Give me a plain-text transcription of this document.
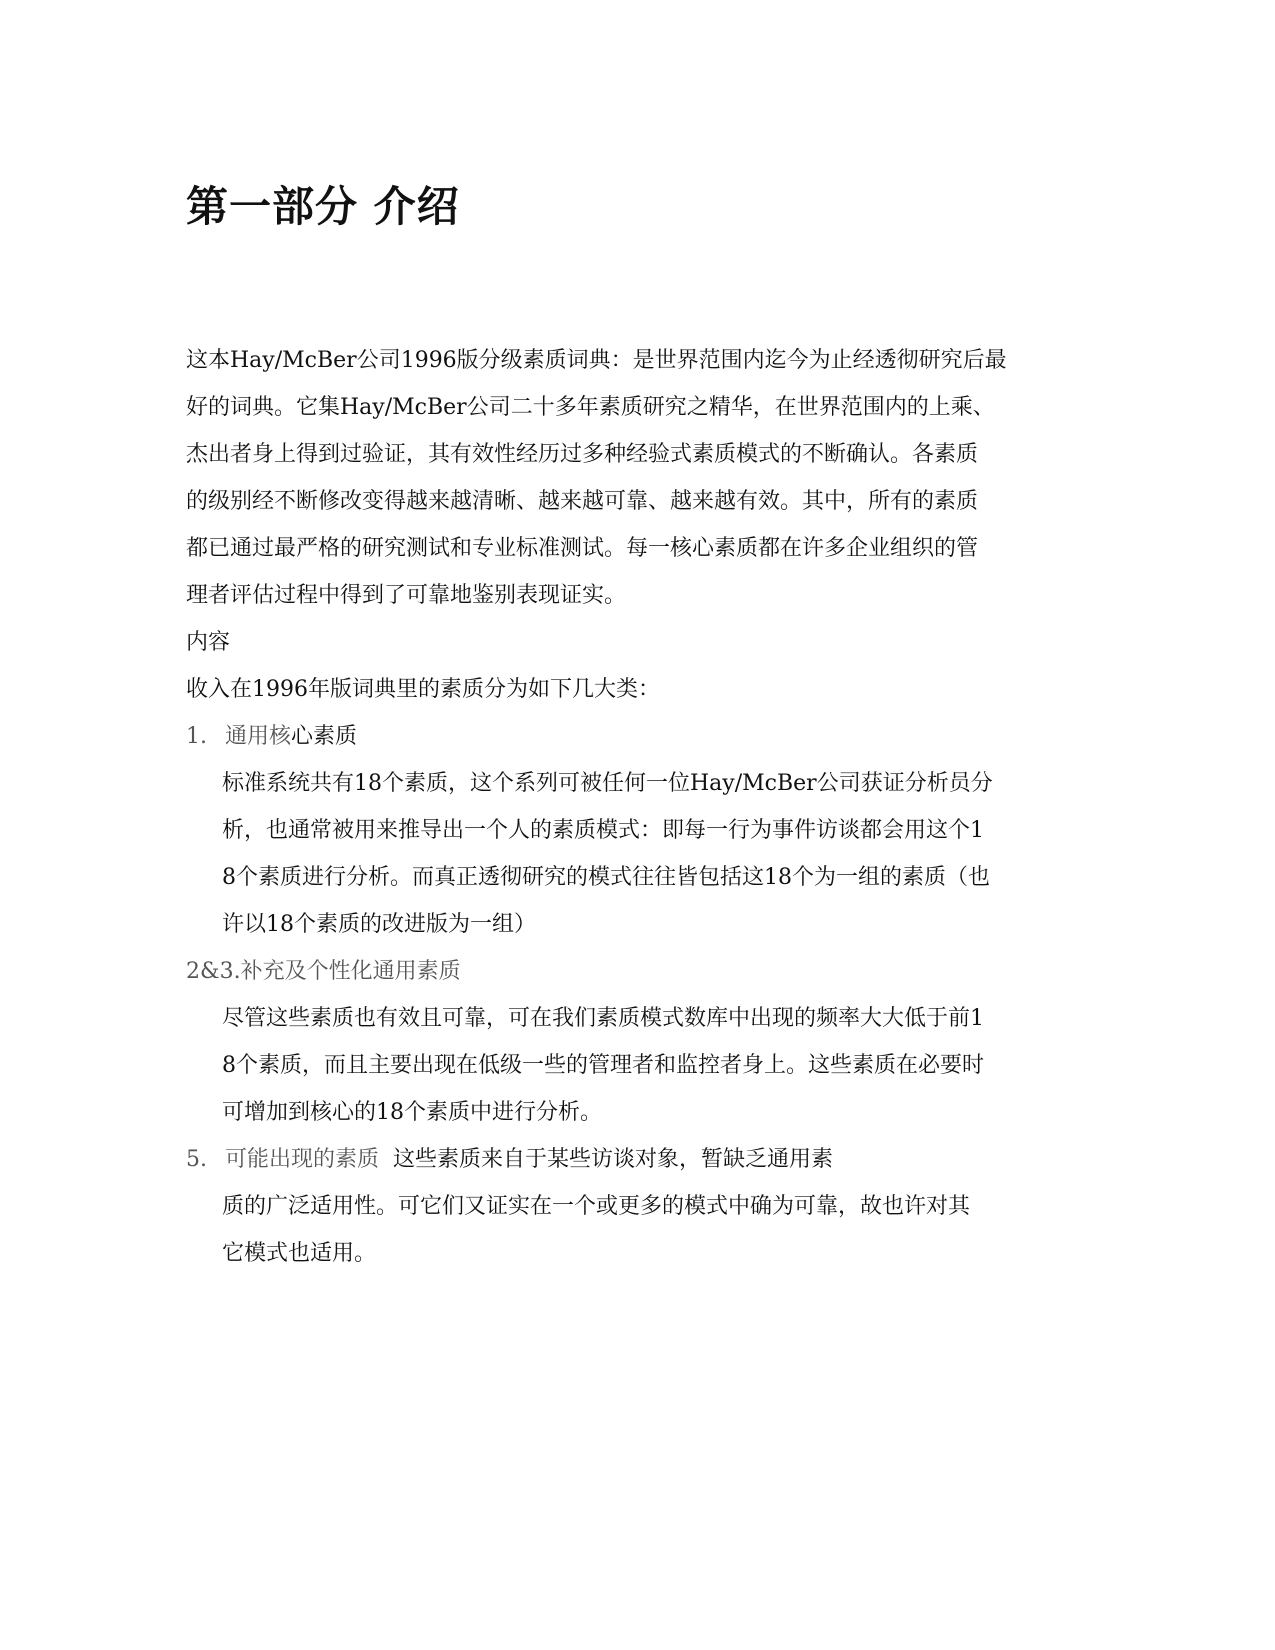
第一部分 介绍

这本Hay/McBer公司1996版分级素质词典：是世界范围内迄今为止经透彻研究后最

好的词典。它集Hay/McBer公司二十多年素质研究之精华，在世界范围内的上乘、

杰出者身上得到过验证，其有效性经历过多种经验式素质模式的不断确认。各素质

的级别经不断修改变得越来越清晰、越来越可靠、越来越有效。其中，所有的素质

都已通过最严格的研究测试和专业标准测试。每一核心素质都在许多企业组织的管

理者评估过程中得到了可靠地鉴别表现证实。

内容

收入在1996年版词典里的素质分为如下几大类：

1. 通用核心素质

标准系统共有18个素质，这个系列可被任何一位Hay/McBer公司获证分析员分

析，也通常被用来推导出一个人的素质模式：即每一行为事件访谈都会用这个1

8个素质进行分析。而真正透彻研究的模式往往皆包括这18个为一组的素质（也

许以18个素质的改进版为一组）

2&3.补充及个性化通用素质

尽管这些素质也有效且可靠，可在我们素质模式数库中出现的频率大大低于前1

8个素质，而且主要出现在低级一些的管理者和监控者身上。这些素质在必要时

可增加到核心的18个素质中进行分析。

5. 可能出现的素质 这些素质来自于某些访谈对象，暂缺乏通用素

质的广泛适用性。可它们又证实在一个或更多的模式中确为可靠，故也许对其

它模式也适用。
